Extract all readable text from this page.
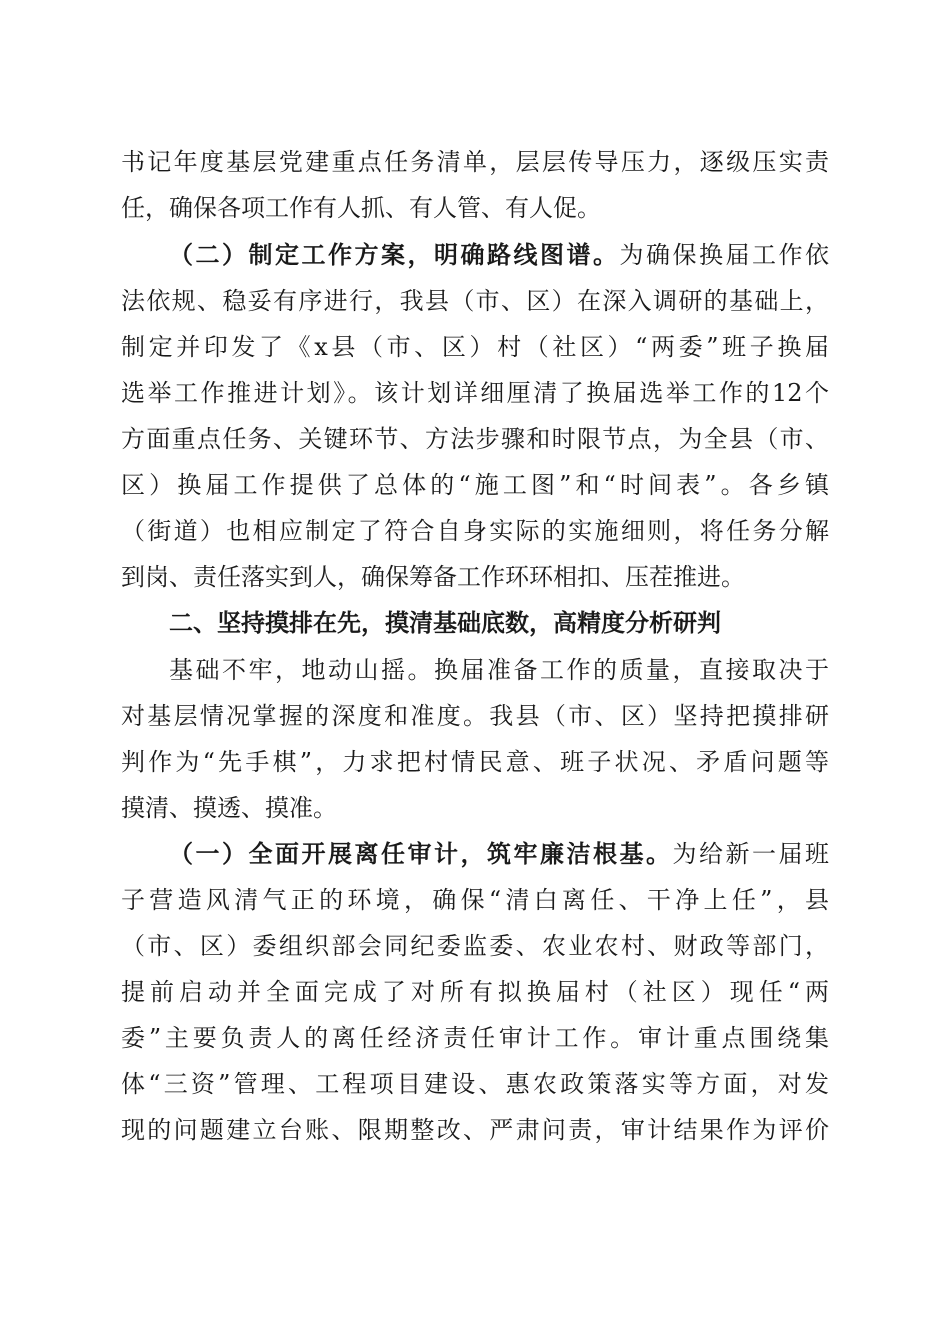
书记年度基层党建重点任务清单，层层传导压力，逐级压实责
任，确保各项工作有人抓、有人管、有人促。
（二）制定工作方案，明确路线图谱。为确保换届工作依
法依规、稳妥有序进行，我县（市、区）在深入调研的基础上，
制定并印发了《x县（市、区）村（社区）“两委”班子换届
选举工作推进计划》。该计划详细厘清了换届选举工作的12个
方面重点任务、关键环节、方法步骤和时限节点，为全县（市、
区）换届工作提供了总体的“施工图”和“时间表”。各乡镇
（街道）也相应制定了符合自身实际的实施细则，将任务分解
到岗、责任落实到人，确保筹备工作环环相扣、压茬推进。
二、坚持摸排在先，摸清基础底数，高精度分析研判
基础不牢，地动山摇。换届准备工作的质量，直接取决于
对基层情况掌握的深度和准度。我县（市、区）坚持把摸排研
判作为“先手棋”，力求把村情民意、班子状况、矛盾问题等
摸清、摸透、摸准。
（一）全面开展离任审计，筑牢廉洁根基。为给新一届班
子营造风清气正的环境，确保“清白离任、干净上任”，县
（市、区）委组织部会同纪委监委、农业农村、财政等部门，
提前启动并全面完成了对所有拟换届村（社区）现任“两
委”主要负责人的离任经济责任审计工作。审计重点围绕集
体“三资”管理、工程项目建设、惠农政策落实等方面，对发
现的问题建立台账、限期整改、严肃问责，审计结果作为评价
